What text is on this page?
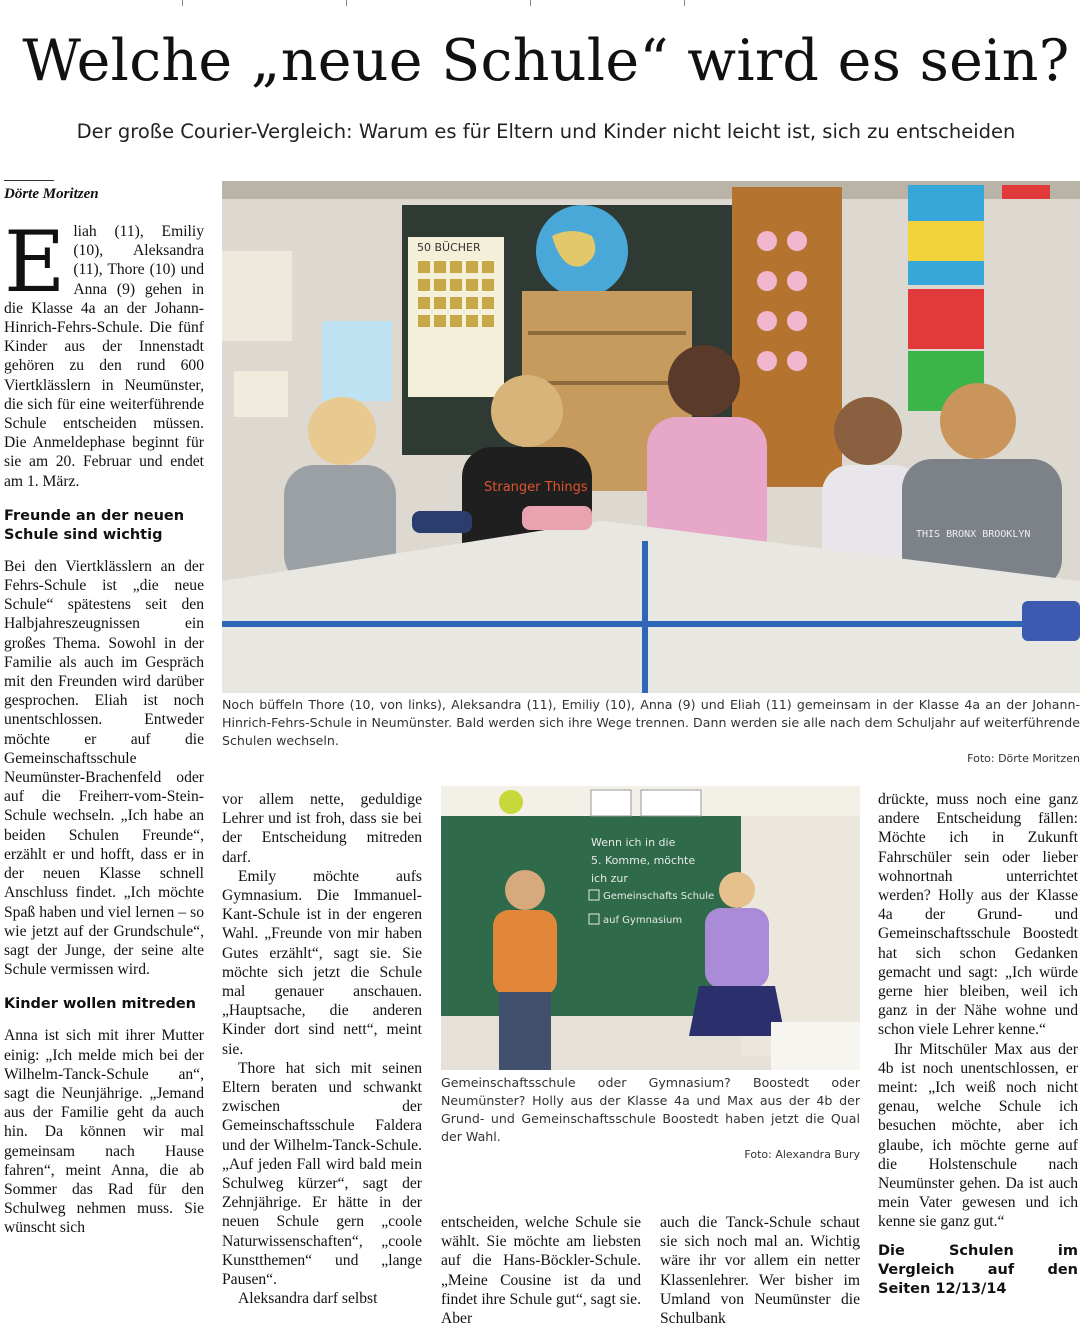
Welche „neue Schule“ wird es sein?
Der große Courier-Vergleich: Warum es für Eltern und Kinder nicht leicht ist, sich zu entscheiden
Dörte Moritzen

Eliah (11), Emiliy (10), Aleksandra (11), Thore (10) und Anna (9) gehen in die Klasse 4a an der Johann-Hinrich-Fehrs-Schule. Die fünf Kinder aus der Innenstadt gehören zu den rund 600 Viertklässlern in Neumünster, die sich für eine weiterführende Schule entscheiden müssen. Die Anmeldephase beginnt für sie am 20. Februar und endet am 1. März.

Freunde an der neuen Schule sind wichtig

Bei den Viertklässlern an der Fehrs-Schule ist „die neue Schule“ spätestens seit den Halbjahreszeugnissen ein großes Thema. Sowohl in der Familie als auch im Gespräch mit den Freunden wird darüber gesprochen. Eliah ist noch unentschlossen. Entweder möchte er auf die Gemeinschaftsschule Neumünster-Brachenfeld oder auf die Freiherr-vom-Stein-Schule wechseln. „Ich habe an beiden Schulen Freunde“, erzählt er und hofft, dass er in der neuen Klasse schnell Anschluss findet. „Ich möchte Spaß haben und viel lernen – so wie jetzt auf der Grundschule“, sagt der Junge, der seine alte Schule vermissen wird.

Kinder wollen mitreden

Anna ist sich mit ihrer Mutter einig: „Ich melde mich bei der Wilhelm-Tanck-Schule an“, sagt die Neunjährige. „Jemand aus der Familie geht da auch hin. Da können wir mal gemeinsam nach Hause fahren“, meint Anna, die ab Sommer das Rad für den Schulweg nehmen muss. Sie wünscht sich

50 BÜCHER
Stranger Things
THIS BRONX BROOKLYN
Noch büffeln Thore (10, von links), Aleksandra (11), Emiliy (10), Anna (9) und Eliah (11) gemeinsam in der Klasse 4a an der Johann-Hinrich-Fehrs-Schule in Neumünster. Bald werden sich ihre Wege trennen. Dann werden sie alle nach dem Schuljahr auf weiterführende Schulen wechseln.
Foto: Dörte Moritzen

vor allem nette, geduldige Lehrer und ist froh, dass sie bei der Entscheidung mitreden darf.

Emily möchte aufs Gymnasium. Die Immanuel-Kant-Schule ist in der engeren Wahl. „Freunde von mir haben Gutes erzählt“, sagt sie. Sie möchte sich jetzt die Schule mal genauer anschauen. „Hauptsache, die anderen Kinder dort sind nett“, meint sie.

Thore hat sich mit seinen Eltern beraten und schwankt zwischen der Gemeinschaftsschule Faldera und der Wilhelm-Tanck-Schule. „Auf jeden Fall wird bald mein Schulweg kürzer“, sagt der Zehnjährige. Er hätte in der neuen Schule gern „coole Naturwissenschaften“, „coole Kunstthemen“ und „lange Pausen“.

Aleksandra darf selbst

Wenn ich in die
5. Komme, möchte
ich zur
Gemeinschafts Schule
auf Gymnasium
Gemeinschaftsschule oder Gymnasium? Boostedt oder Neumünster? Holly aus der Klasse 4a und Max aus der 4b der Grund- und Gemeinschaftsschule Boostedt haben jetzt die Qual der Wahl.
Foto: Alexandra Bury

entscheiden, welche Schule sie wählt. Sie möchte am liebsten auf die Hans-Böckler-Schule. „Meine Cousine ist da und findet ihre Schule gut“, sagt sie. Aber

auch die Tanck-Schule schaut sie sich noch mal an. Wichtig wäre ihr vor allem ein netter Klassenlehrer. Wer bisher im Umland von Neumünster die Schulbank

drückte, muss noch eine ganz andere Entscheidung fällen: Möchte ich in Zukunft Fahrschüler sein oder lieber wohnortnah unterrichtet werden? Holly aus der Klasse 4a der Grund- und Gemeinschaftsschule Boostedt hat sich schon Gedanken gemacht und sagt: „Ich würde gerne hier bleiben, weil ich ganz in der Nähe wohne und schon viele Lehrer kenne.“

Ihr Mitschüler Max aus der 4b ist noch unentschlossen, er meint: „Ich weiß noch nicht genau, welche Schule ich besuchen möchte, aber ich glaube, ich möchte gerne auf die Holstenschule nach Neumünster gehen. Da ist auch mein Vater gewesen und ich kenne sie ganz gut.“

Die Schulen im Vergleich auf den Seiten 12/13/14
